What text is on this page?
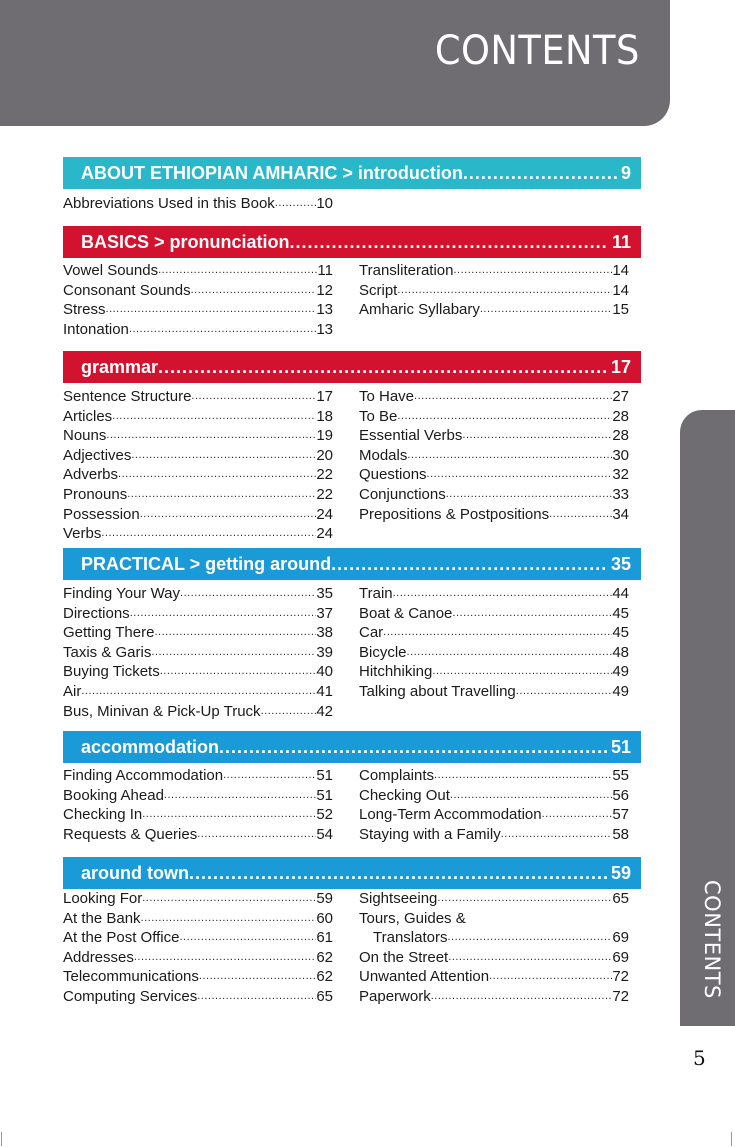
CONTENTS
CONTENTS
5
ABOUT ETHIOPIAN AMHARIC > introduction .....	9
Abbreviations Used in this Book .....	10
BASICS > pronunciation .....	11
Vowel Sounds .....	11
Consonant Sounds .....	12
Stress .....	13
Intonation .....	13
Transliteration .....	14
Script .....	14
Amharic Syllabary .....	15
grammar .....	17
Sentence Structure .....	17
Articles .....	18
Nouns .....	19
Adjectives .....	20
Adverbs .....	22
Pronouns .....	22
Possession .....	24
Verbs .....	24
To Have .....	27
To Be .....	28
Essential Verbs .....	28
Modals .....	30
Questions .....	32
Conjunctions .....	33
Prepositions & Postpositions .....	34
PRACTICAL > getting around .....	35
Finding Your Way .....	35
Directions .....	37
Getting There .....	38
Taxis & Garis .....	39
Buying Tickets .....	40
Air .....	41
Bus, Minivan & Pick-Up Truck .....	42
Train .....	44
Boat & Canoe .....	45
Car .....	45
Bicycle .....	48
Hitchhiking .....	49
Talking about Travelling .....	49
accommodation .....	51
Finding Accommodation .....	51
Booking Ahead .....	51
Checking In .....	52
Requests & Queries .....	54
Complaints .....	55
Checking Out .....	56
Long-Term Accommodation .....	57
Staying with a Family .....	58
around town .....	59
Looking For .....	59
At the Bank .....	60
At the Post Office .....	61
Addresses .....	62
Telecommunications .....	62
Computing Services .....	65
Sightseeing .....	65
Tours, Guides &
Translators .....	69
On the Street .....	69
Unwanted Attention .....	72
Paperwork .....	72
